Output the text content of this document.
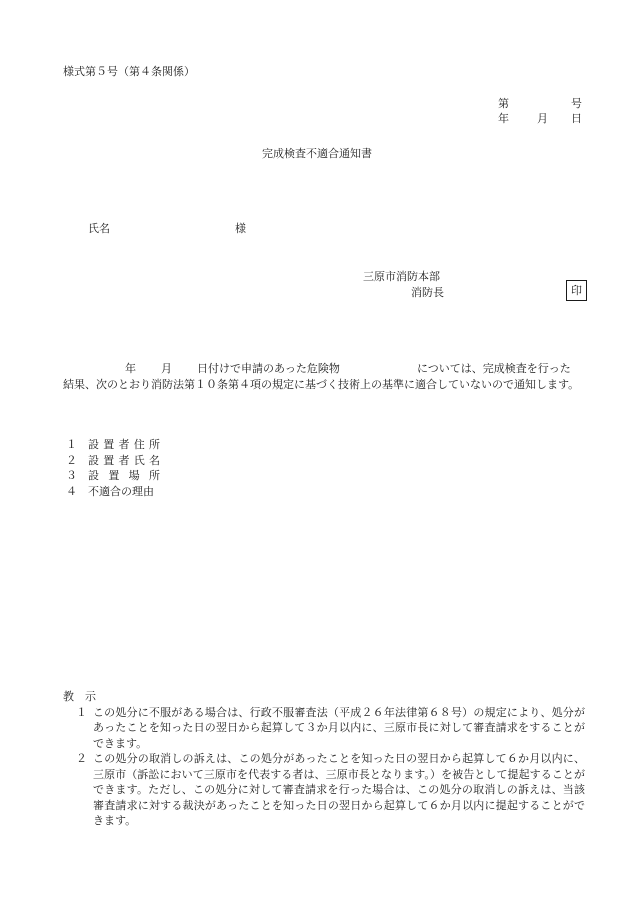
様式第５号（第４条関係）
第	号
年	月 日
完成検査不適合通知書
氏名	様
三原市消防本部
消防長	印
年 月 日付けで申請のあった危険物	については、完成検査を行った
結果、次のとおり消防法第１０条第４項の規定に基づく技術上の基準に適合していないので通知します。
１	設置者住所
２	設置者氏名
３	設置場所
４	不適合の理由
教　示
１ この処分に不服がある場合は、行政不服審査法（平成２６年法律第６８号）の規定により、処分があったことを知った日の翌日から起算して３か月以内に、三原市長に対して審査請求をすることができます。
２ この処分の取消しの訴えは、この処分があったことを知った日の翌日から起算して６か月以内に、三原市（訴訟において三原市を代表する者は、三原市長となります。）を被告として提起することができます。ただし、この処分に対して審査請求を行った場合は、この処分の取消しの訴えは、当該審査請求に対する裁決があったことを知った日の翌日から起算して６か月以内に提起することができます。
